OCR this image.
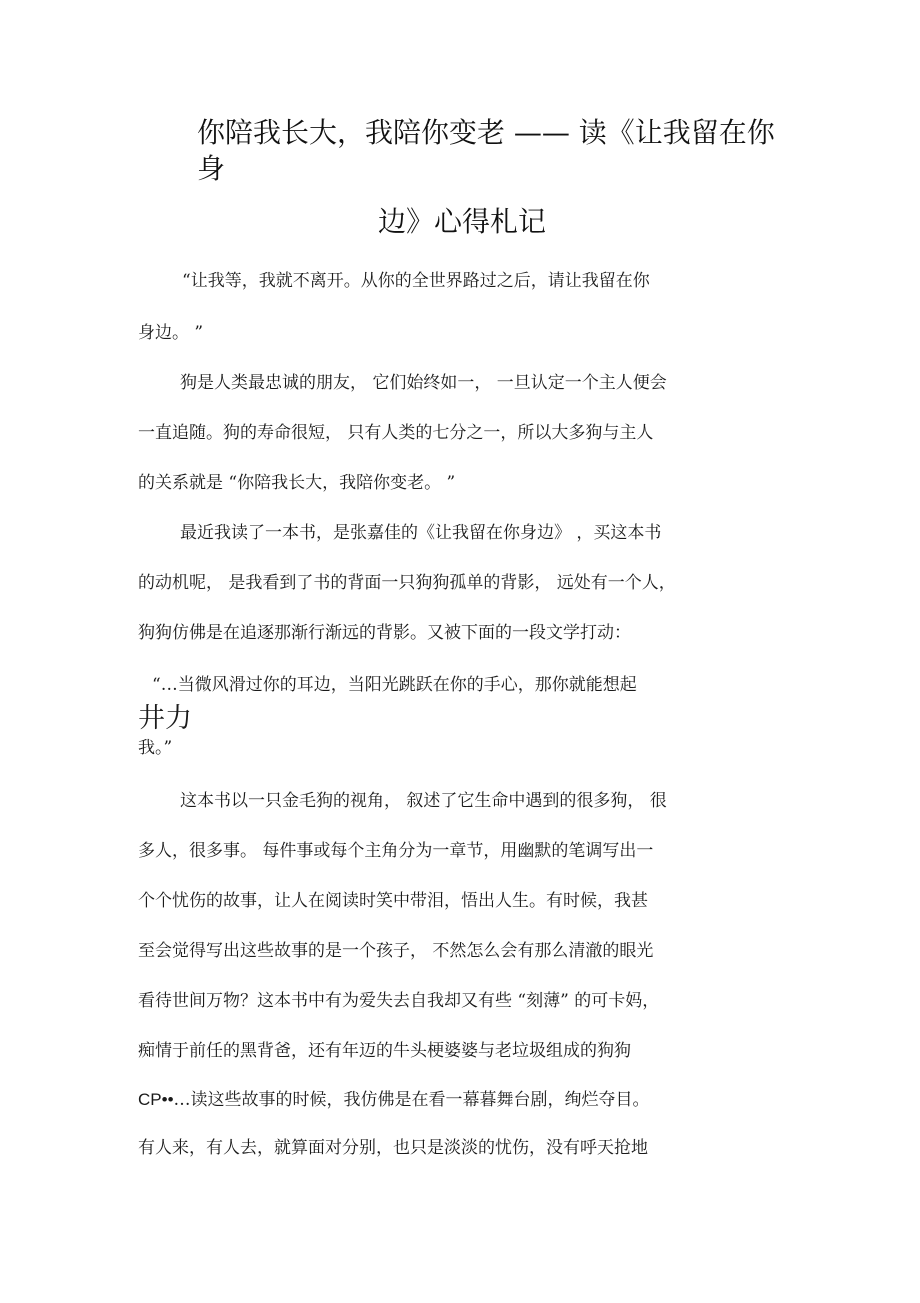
你陪我长大，我陪你变老 —— 读《让我留在你

身

边》心得札记

“让我等，我就不离开。从你的全世界路过之后，请让我留在你

身边。 ”

狗是人类最忠诚的朋友， 它们始终如一， 一旦认定一个主人便会

一直追随。狗的寿命很短， 只有人类的七分之一，所以大多狗与主人

的关系就是 “你陪我长大，我陪你变老。 ”

最近我读了一本书，是张嘉佳的《让我留在你身边》 ，买这本书

的动机呢， 是我看到了书的背面一只狗狗孤单的背影， 远处有一个人，

狗狗仿佛是在追逐那渐行渐远的背影。又被下面的一段文学打动：

“…当微风滑过你的耳边，当阳光跳跃在你的手心，那你就能想起

井力

我。”

这本书以一只金毛狗的视角， 叙述了它生命中遇到的很多狗， 很

多人，很多事。 每件事或每个主角分为一章节，用幽默的笔调写出一

个个忧伤的故事，让人在阅读时笑中带泪，悟出人生。有时候，我甚

至会觉得写出这些故事的是一个孩子， 不然怎么会有那么清澈的眼光

看待世间万物？这本书中有为爱失去自我却又有些 “刻薄” 的可卡妈，

痴情于前任的黑背爸，还有年迈的牛头梗婆婆与老垃圾组成的狗狗

CP••…读这些故事的时候，我仿佛是在看一幕暮舞台剧，绚烂夺目。

有人来，有人去，就算面对分别，也只是淡淡的忧伤，没有呼天抢地
